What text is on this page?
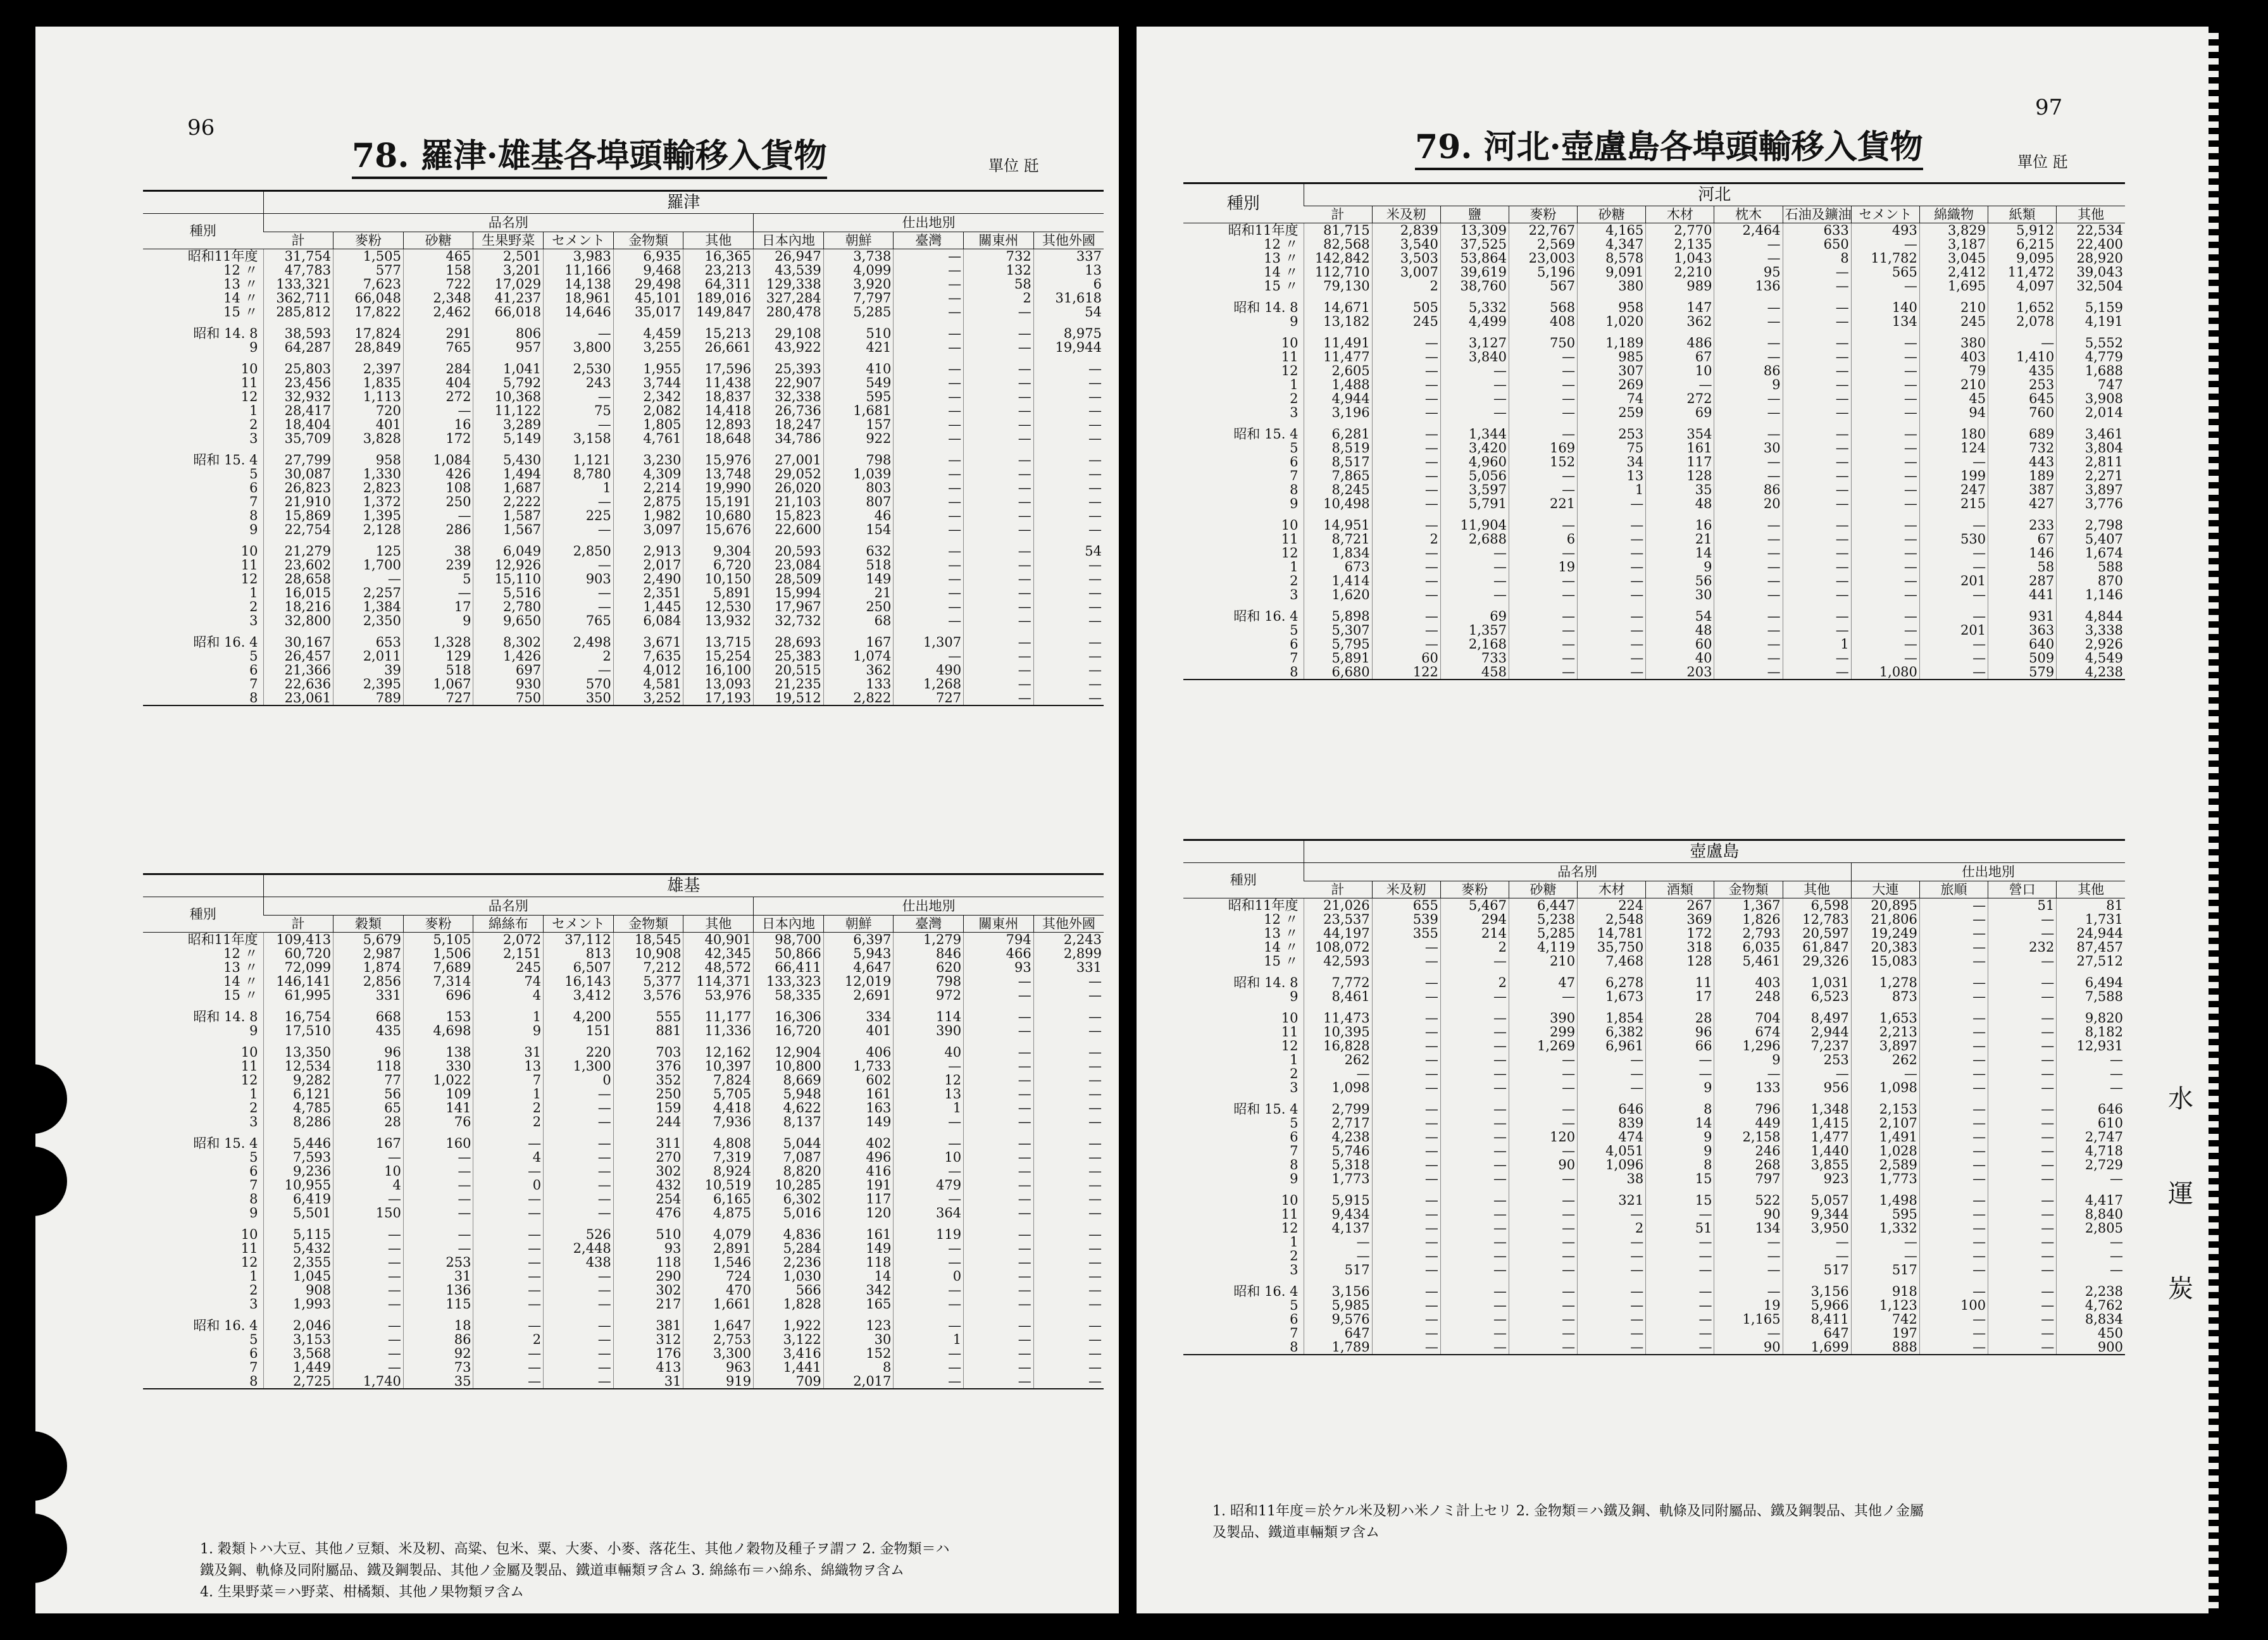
96
78. 羅津·雄基各埠頭輸移入貨物	單位 瓩
	羅津											
種別	品名別							仕出地別				
	計	麥粉	砂糖	生果野菜	セメント	金物類	其他	日本內地	朝鮮	臺灣	關東州	其他外國
昭和11年度	31,754	1,505	465	2,501	3,983	6,935	16,365	26,947	3,738	—	732	337
12 〃	47,783	577	158	3,201	11,166	9,468	23,213	43,539	4,099	—	132	13
13 〃	133,321	7,623	722	17,029	14,138	29,498	64,311	129,338	3,920	—	58	6
14 〃	362,711	66,048	2,348	41,237	18,961	45,101	189,016	327,284	7,797	—	2	31,618
15 〃	285,812	17,822	2,462	66,018	14,646	35,017	149,847	280,478	5,285	—	—	54

昭和 14. 8	38,593	17,824	291	806	—	4,459	15,213	29,108	510	—	—	8,975
9	64,287	28,849	765	957	3,800	3,255	26,661	43,922	421	—	—	19,944

10	25,803	2,397	284	1,041	2,530	1,955	17,596	25,393	410	—	—	—
11	23,456	1,835	404	5,792	243	3,744	11,438	22,907	549	—	—	—
12	32,932	1,113	272	10,368	—	2,342	18,837	32,338	595	—	—	—
1	28,417	720	—	11,122	75	2,082	14,418	26,736	1,681	—	—	—
2	18,404	401	16	3,289	—	1,805	12,893	18,247	157	—	—	—
3	35,709	3,828	172	5,149	3,158	4,761	18,648	34,786	922	—	—	—

昭和 15. 4	27,799	958	1,084	5,430	1,121	3,230	15,976	27,001	798	—	—	—
5	30,087	1,330	426	1,494	8,780	4,309	13,748	29,052	1,039	—	—	—
6	26,823	2,823	108	1,687	1	2,214	19,990	26,020	803	—	—	—
7	21,910	1,372	250	2,222	—	2,875	15,191	21,103	807	—	—	—
8	15,869	1,395	—	1,587	225	1,982	10,680	15,823	46	—	—	—
9	22,754	2,128	286	1,567	—	3,097	15,676	22,600	154	—	—	—

10	21,279	125	38	6,049	2,850	2,913	9,304	20,593	632	—	—	54
11	23,602	1,700	239	12,926	—	2,017	6,720	23,084	518	—	—	—
12	28,658	—	5	15,110	903	2,490	10,150	28,509	149	—	—	—
1	16,015	2,257	—	5,516	—	2,351	5,891	15,994	21	—	—	—
2	18,216	1,384	17	2,780	—	1,445	12,530	17,967	250	—	—	—
3	32,800	2,350	9	9,650	765	6,084	13,932	32,732	68	—	—	—

昭和 16. 4	30,167	653	1,328	8,302	2,498	3,671	13,715	28,693	167	1,307	—	—
5	26,457	2,011	129	1,426	2	7,635	15,254	25,383	1,074	—	—	—
6	21,366	39	518	697	—	4,012	16,100	20,515	362	490	—	—
7	22,636	2,395	1,067	930	570	4,581	13,093	21,235	133	1,268	—	—
8	23,061	789	727	750	350	3,252	17,193	19,512	2,822	727	—	—
	雄基											
種別	品名別							仕出地別				
	計	穀類	麥粉	綿絲布	セメント	金物類	其他	日本內地	朝鮮	臺灣	關東州	其他外國
昭和11年度	109,413	5,679	5,105	2,072	37,112	18,545	40,901	98,700	6,397	1,279	794	2,243
12 〃	60,720	2,987	1,506	2,151	813	10,908	42,345	50,866	5,943	846	466	2,899
13 〃	72,099	1,874	7,689	245	6,507	7,212	48,572	66,411	4,647	620	93	331
14 〃	146,141	2,856	7,314	74	16,143	5,377	114,371	133,323	12,019	798	—	—
15 〃	61,995	331	696	4	3,412	3,576	53,976	58,335	2,691	972	—	—

昭和 14. 8	16,754	668	153	1	4,200	555	11,177	16,306	334	114	—	—
9	17,510	435	4,698	9	151	881	11,336	16,720	401	390	—	—

10	13,350	96	138	31	220	703	12,162	12,904	406	40	—	—
11	12,534	118	330	13	1,300	376	10,397	10,800	1,733	—	—	—
12	9,282	77	1,022	7	0	352	7,824	8,669	602	12	—	—
1	6,121	56	109	1	—	250	5,705	5,948	161	13	—	—
2	4,785	65	141	2	—	159	4,418	4,622	163	1	—	—
3	8,286	28	76	2	—	244	7,936	8,137	149	—	—	—

昭和 15. 4	5,446	167	160	—	—	311	4,808	5,044	402	—	—	—
5	7,593	—	—	4	—	270	7,319	7,087	496	10	—	—
6	9,236	10	—	—	—	302	8,924	8,820	416	—	—	—
7	10,955	4	—	0	—	432	10,519	10,285	191	479	—	—
8	6,419	—	—	—	—	254	6,165	6,302	117	—	—	—
9	5,501	150	—	—	—	476	4,875	5,016	120	364	—	—

10	5,115	—	—	—	526	510	4,079	4,836	161	119	—	—
11	5,432	—	—	—	2,448	93	2,891	5,284	149	—	—	—
12	2,355	—	253	—	438	118	1,546	2,236	118	—	—	—
1	1,045	—	31	—	—	290	724	1,030	14	0	—	—
2	908	—	136	—	—	302	470	566	342	—	—	—
3	1,993	—	115	—	—	217	1,661	1,828	165	—	—	—

昭和 16. 4	2,046	—	18	—	—	381	1,647	1,922	123	—	—	—
5	3,153	—	86	2	—	312	2,753	3,122	30	1	—	—
6	3,568	—	92	—	—	176	3,300	3,416	152	—	—	—
7	1,449	—	73	—	—	413	963	1,441	8	—	—	—
8	2,725	1,740	35	—	—	31	919	709	2,017	—	—	—
1. 穀類トハ大豆、其他ノ豆類、米及籾、高粱、包米、粟、大麥、小麥、落花生、其他ノ穀物及種子ヲ謂フ 2. 金物類＝ハ
鐵及鋼、軌條及同附屬品、鐵及鋼製品、其他ノ金屬及製品、鐵道車輛類ヲ含ム 3. 綿絲布＝ハ綿糸、綿織物ヲ含ム
4. 生果野菜＝ハ野菜、柑橘類、其他ノ果物類ヲ含ム
97
79. 河北·壺盧島各埠頭輸移入貨物	單位 瓩
種別	河北											
	計	米及籾	鹽	麥粉	砂糖	木材	枕木	石油及鑛油	セメント	綿織物	紙類	其他
昭和11年度	81,715	2,839	13,309	22,767	4,165	2,770	2,464	633	493	3,829	5,912	22,534
12 〃	82,568	3,540	37,525	2,569	4,347	2,135	—	650	—	3,187	6,215	22,400
13 〃	142,842	3,503	53,864	23,003	8,578	1,043	—	8	11,782	3,045	9,095	28,920
14 〃	112,710	3,007	39,619	5,196	9,091	2,210	95	—	565	2,412	11,472	39,043
15 〃	79,130	2	38,760	567	380	989	136	—	—	1,695	4,097	32,504

昭和 14. 8	14,671	505	5,332	568	958	147	—	—	140	210	1,652	5,159
9	13,182	245	4,499	408	1,020	362	—	—	134	245	2,078	4,191

10	11,491	—	3,127	750	1,189	486	—	—	—	380	—	5,552
11	11,477	—	3,840	—	985	67	—	—	—	403	1,410	4,779
12	2,605	—	—	—	307	10	86	—	—	79	435	1,688
1	1,488	—	—	—	269	—	9	—	—	210	253	747
2	4,944	—	—	—	74	272	—	—	—	45	645	3,908
3	3,196	—	—	—	259	69	—	—	—	94	760	2,014

昭和 15. 4	6,281	—	1,344	—	253	354	—	—	—	180	689	3,461
5	8,519	—	3,420	169	75	161	30	—	—	124	732	3,804
6	8,517	—	4,960	152	34	117	—	—	—	—	443	2,811
7	7,865	—	5,056	—	13	128	—	—	—	199	189	2,271
8	8,245	—	3,597	—	1	35	86	—	—	247	387	3,897
9	10,498	—	5,791	221	—	48	20	—	—	215	427	3,776

10	14,951	—	11,904	—	—	16	—	—	—	—	233	2,798
11	8,721	2	2,688	6	—	21	—	—	—	530	67	5,407
12	1,834	—	—	—	—	14	—	—	—	—	146	1,674
1	673	—	—	19	—	9	—	—	—	—	58	588
2	1,414	—	—	—	—	56	—	—	—	201	287	870
3	1,620	—	—	—	—	30	—	—	—	—	441	1,146

昭和 16. 4	5,898	—	69	—	—	54	—	—	—	—	931	4,844
5	5,307	—	1,357	—	—	48	—	—	—	201	363	3,338
6	5,795	—	2,168	—	—	60	—	1	—	—	640	2,926
7	5,891	60	733	—	—	40	—	—	—	—	509	4,549
8	6,680	122	458	—	—	203	—	—	1,080	—	579	4,238
	壺盧島											
種別	品名別								仕出地別			
	計	米及籾	麥粉	砂糖	木材	酒類	金物類	其他	大連	旅順	營口	其他
昭和11年度	21,026	655	5,467	6,447	224	267	1,367	6,598	20,895	—	51	81
12 〃	23,537	539	294	5,238	2,548	369	1,826	12,783	21,806	—	—	1,731
13 〃	44,197	355	214	5,285	14,781	172	2,793	20,597	19,249	—	—	24,944
14 〃	108,072	—	2	4,119	35,750	318	6,035	61,847	20,383	—	232	87,457
15 〃	42,593	—	—	210	7,468	128	5,461	29,326	15,083	—	—	27,512

昭和 14. 8	7,772	—	2	47	6,278	11	403	1,031	1,278	—	—	6,494
9	8,461	—	—	—	1,673	17	248	6,523	873	—	—	7,588

10	11,473	—	—	390	1,854	28	704	8,497	1,653	—	—	9,820
11	10,395	—	—	299	6,382	96	674	2,944	2,213	—	—	8,182
12	16,828	—	—	1,269	6,961	66	1,296	7,237	3,897	—	—	12,931
1	262	—	—	—	—	—	9	253	262	—	—	—
2	—	—	—	—	—	—	—	—	—	—	—	—
3	1,098	—	—	—	—	9	133	956	1,098	—	—	—

昭和 15. 4	2,799	—	—	—	646	8	796	1,348	2,153	—	—	646
5	2,717	—	—	—	839	14	449	1,415	2,107	—	—	610
6	4,238	—	—	120	474	9	2,158	1,477	1,491	—	—	2,747
7	5,746	—	—	—	4,051	9	246	1,440	1,028	—	—	4,718
8	5,318	—	—	90	1,096	8	268	3,855	2,589	—	—	2,729
9	1,773	—	—	—	38	15	797	923	1,773	—	—	—

10	5,915	—	—	—	321	15	522	5,057	1,498	—	—	4,417
11	9,434	—	—	—	—	—	90	9,344	595	—	—	8,840
12	4,137	—	—	—	2	51	134	3,950	1,332	—	—	2,805
1	—	—	—	—	—	—	—	—	—	—	—	—
2	—	—	—	—	—	—	—	—	—	—	—	—
3	517	—	—	—	—	—	—	517	517	—	—	—

昭和 16. 4	3,156	—	—	—	—	—	—	3,156	918	—	—	2,238
5	5,985	—	—	—	—	—	19	5,966	1,123	100	—	4,762
6	9,576	—	—	—	—	—	1,165	8,411	742	—	—	8,834
7	647	—	—	—	—	—	—	647	197	—	—	450
8	1,789	—	—	—	—	—	90	1,699	888	—	—	900
1. 昭和11年度＝於ケル米及籾ハ米ノミ計上セリ 2. 金物類＝ハ鐵及鋼、軌條及同附屬品、鐵及鋼製品、其他ノ金屬
及製品、鐵道車輛類ヲ含ム
水
運
炭
